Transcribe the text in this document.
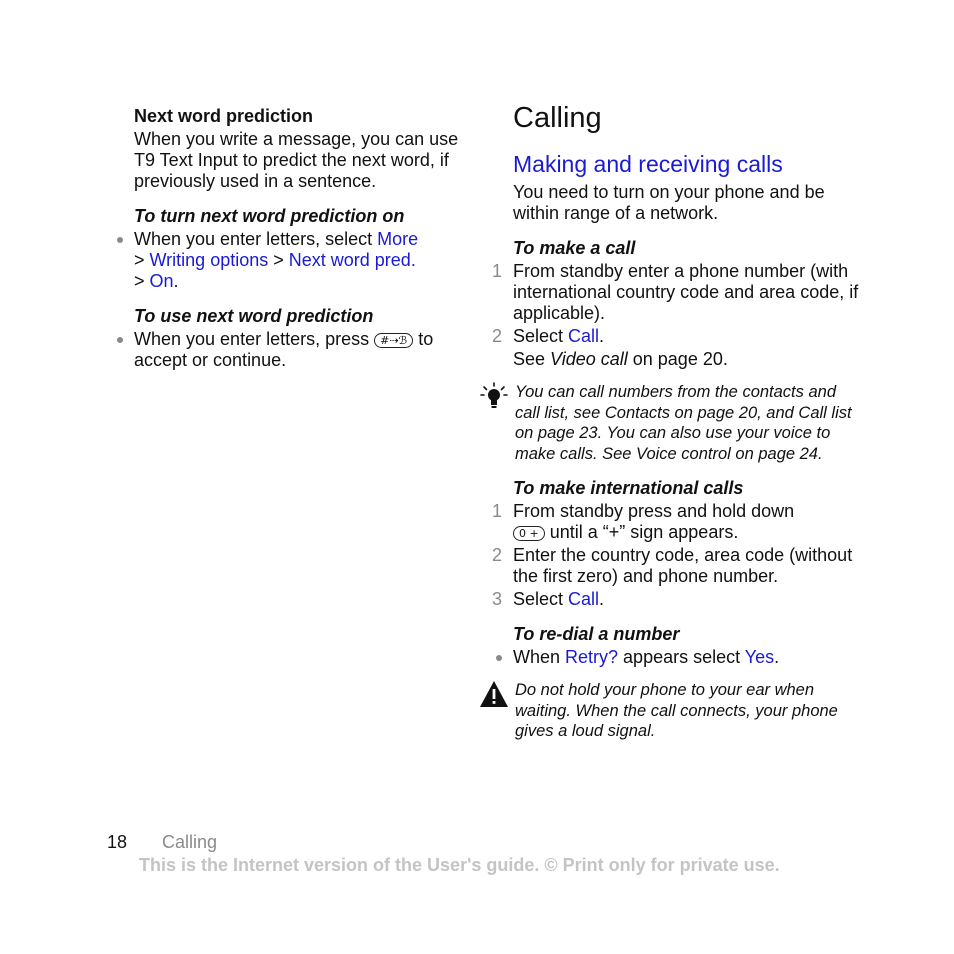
Next word prediction

When you write a message, you can use T9 Text Input to predict the next word, if previously used in a sentence.

To turn next word prediction on
When you enter letters, select More
> Writing options > Next word pred.
> On.
To use next word prediction
When you enter letters, press #⇢ℬ to accept or continue.
Calling
Making and receiving calls

You need to turn on your phone and be within range of a network.

To make a call
1 From standby enter a phone number (with international country code and area code, if applicable).
2 Select Call.
See Video call on page 20.
You can call numbers from the contacts and call list, see Contacts on page 20, and Call list on page 23. You can also use your voice to make calls. See Voice control on page 24.
To make international calls
1 From standby press and hold down
0 + until a “+” sign appears.
2 Enter the country code, area code (without the first zero) and phone number.
3 Select Call.
To re-dial a number
When Retry? appears select Yes.
Do not hold your phone to your ear when waiting. When the call connects, your phone gives a loud signal.
18 Calling
This is the Internet version of the User's guide. © Print only for private use.
